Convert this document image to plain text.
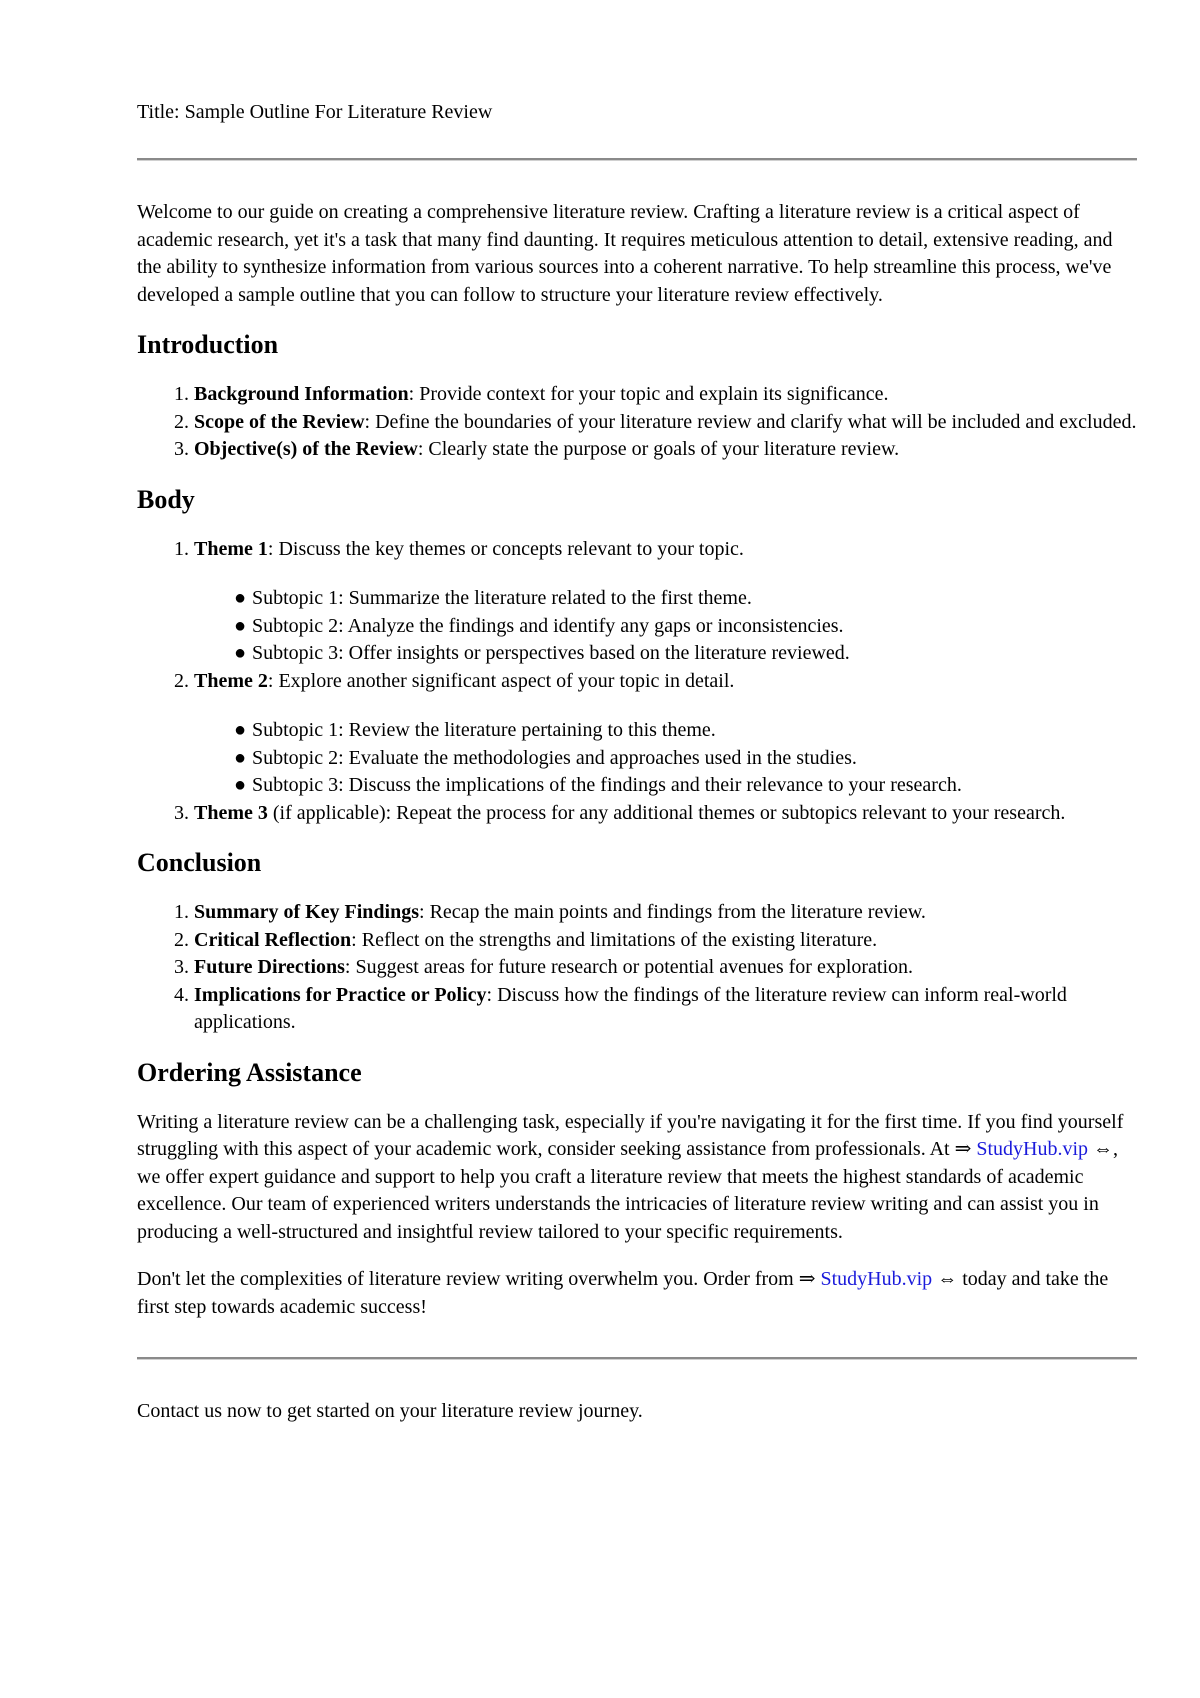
Title: Sample Outline For Literature Review

Welcome to our guide on creating a comprehensive literature review. Crafting a literature review is a critical aspect of academic research, yet it's a task that many find daunting. It requires meticulous attention to detail, extensive reading, and the ability to synthesize information from various sources into a coherent narrative. To help streamline this process, we've developed a sample outline that you can follow to structure your literature review effectively.
Introduction
1. Background Information: Provide context for your topic and explain its significance.
2. Scope of the Review: Define the boundaries of your literature review and clarify what will be included and excluded.
3. Objective(s) of the Review: Clearly state the purpose or goals of your literature review.
Body
1. Theme 1: Discuss the key themes or concepts relevant to your topic.
● Subtopic 1: Summarize the literature related to the first theme.
● Subtopic 2: Analyze the findings and identify any gaps or inconsistencies.
● Subtopic 3: Offer insights or perspectives based on the literature reviewed.
2. Theme 2: Explore another significant aspect of your topic in detail.
● Subtopic 1: Review the literature pertaining to this theme.
● Subtopic 2: Evaluate the methodologies and approaches used in the studies.
● Subtopic 3: Discuss the implications of the findings and their relevance to your research.
3. Theme 3 (if applicable): Repeat the process for any additional themes or subtopics relevant to your research.
Conclusion
1. Summary of Key Findings: Recap the main points and findings from the literature review.
2. Critical Reflection: Reflect on the strengths and limitations of the existing literature.
3. Future Directions: Suggest areas for future research or potential avenues for exploration.
4. Implications for Practice or Policy: Discuss how the findings of the literature review can inform real-world applications.
Ordering Assistance

Writing a literature review can be a challenging task, especially if you're navigating it for the first time. If you find yourself struggling with this aspect of your academic work, consider seeking assistance from professionals. At ⇒ StudyHub.vip ⇔, we offer expert guidance and support to help you craft a literature review that meets the highest standards of academic excellence. Our team of experienced writers understands the intricacies of literature review writing and can assist you in producing a well-structured and insightful review tailored to your specific requirements.

Don't let the complexities of literature review writing overwhelm you. Order from ⇒ StudyHub.vip ⇔ today and take the first step towards academic success!

Contact us now to get started on your literature review journey.
